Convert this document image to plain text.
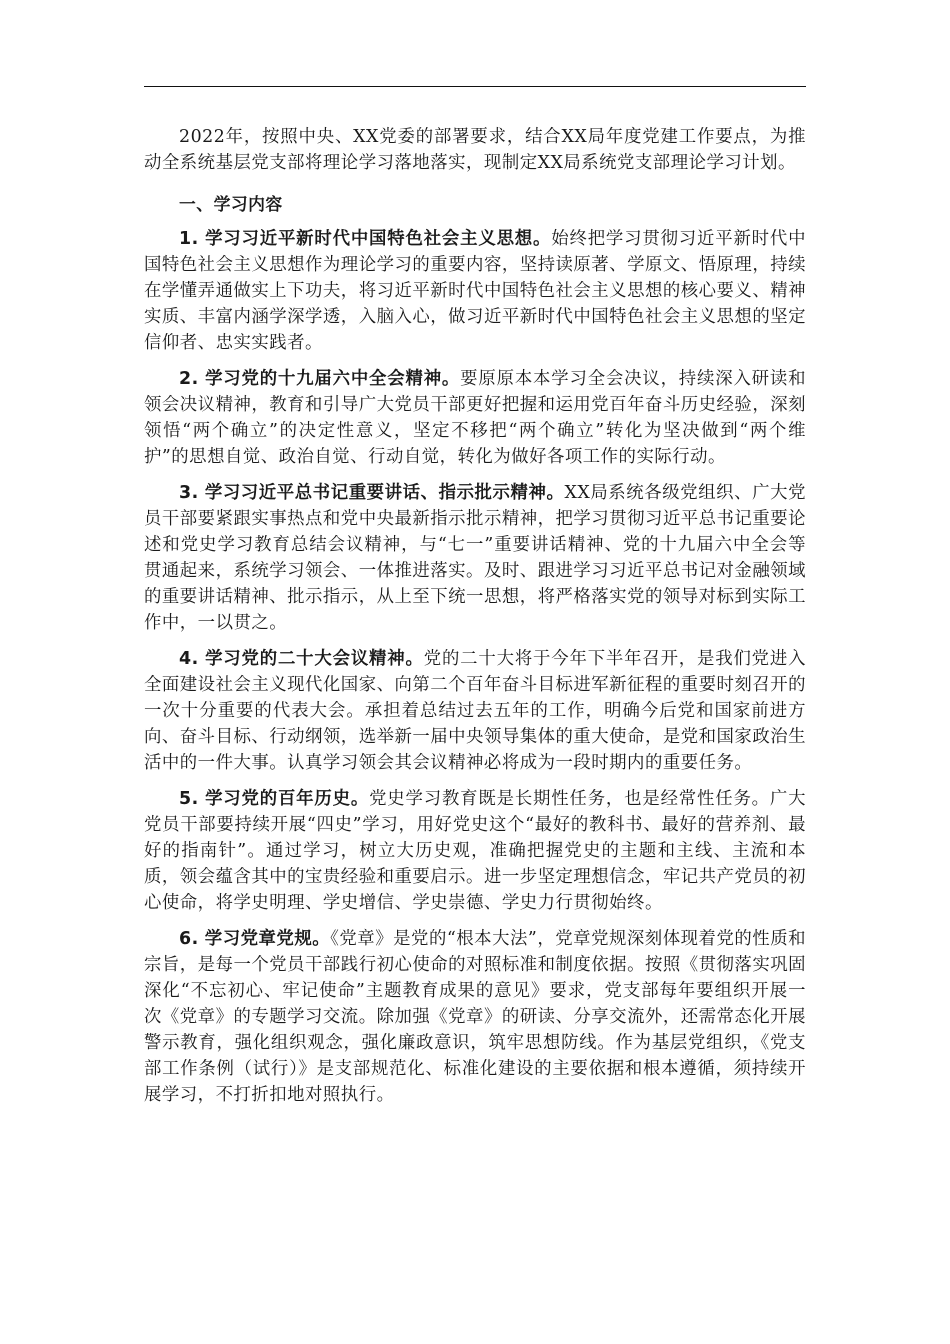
2022年，按照中央、XX党委的部署要求，结合XX局年度党建工作要点，为推动全系统基层党支部将理论学习落地落实，现制定XX局系统党支部理论学习计划。

一、学习内容

1. 学习习近平新时代中国特色社会主义思想。始终把学习贯彻习近平新时代中国特色社会主义思想作为理论学习的重要内容，坚持读原著、学原文、悟原理，持续在学懂弄通做实上下功夫，将习近平新时代中国特色社会主义思想的核心要义、精神实质、丰富内涵学深学透，入脑入心，做习近平新时代中国特色社会主义思想的坚定信仰者、忠实实践者。

2. 学习党的十九届六中全会精神。要原原本本学习全会决议，持续深入研读和领会决议精神，教育和引导广大党员干部更好把握和运用党百年奋斗历史经验，深刻领悟“两个确立”的决定性意义，坚定不移把“两个确立”转化为坚决做到“两个维护”的思想自觉、政治自觉、行动自觉，转化为做好各项工作的实际行动。

3. 学习习近平总书记重要讲话、指示批示精神。XX局系统各级党组织、广大党员干部要紧跟实事热点和党中央最新指示批示精神，把学习贯彻习近平总书记重要论述和党史学习教育总结会议精神，与“七一”重要讲话精神、党的十九届六中全会等贯通起来，系统学习领会、一体推进落实。及时、跟进学习习近平总书记对金融领域的重要讲话精神、批示指示，从上至下统一思想，将严格落实党的领导对标到实际工作中，一以贯之。

4. 学习党的二十大会议精神。党的二十大将于今年下半年召开，是我们党进入全面建设社会主义现代化国家、向第二个百年奋斗目标进军新征程的重要时刻召开的一次十分重要的代表大会。承担着总结过去五年的工作，明确今后党和国家前进方向、奋斗目标、行动纲领，选举新一届中央领导集体的重大使命，是党和国家政治生活中的一件大事。认真学习领会其会议精神必将成为一段时期内的重要任务。

5. 学习党的百年历史。党史学习教育既是长期性任务，也是经常性任务。广大党员干部要持续开展“四史”学习，用好党史这个“最好的教科书、最好的营养剂、最好的指南针”。通过学习，树立大历史观，准确把握党史的主题和主线、主流和本质，领会蕴含其中的宝贵经验和重要启示。进一步坚定理想信念，牢记共产党员的初心使命，将学史明理、学史增信、学史崇德、学史力行贯彻始终。

6. 学习党章党规。《党章》是党的“根本大法”，党章党规深刻体现着党的性质和宗旨，是每一个党员干部践行初心使命的对照标准和制度依据。按照《贯彻落实巩固深化“不忘初心、牢记使命”主题教育成果的意见》要求，党支部每年要组织开展一次《党章》的专题学习交流。除加强《党章》的研读、分享交流外，还需常态化开展警示教育，强化组织观念，强化廉政意识，筑牢思想防线。作为基层党组织，《党支部工作条例（试行）》是支部规范化、标准化建设的主要依据和根本遵循，须持续开展学习，不打折扣地对照执行。
